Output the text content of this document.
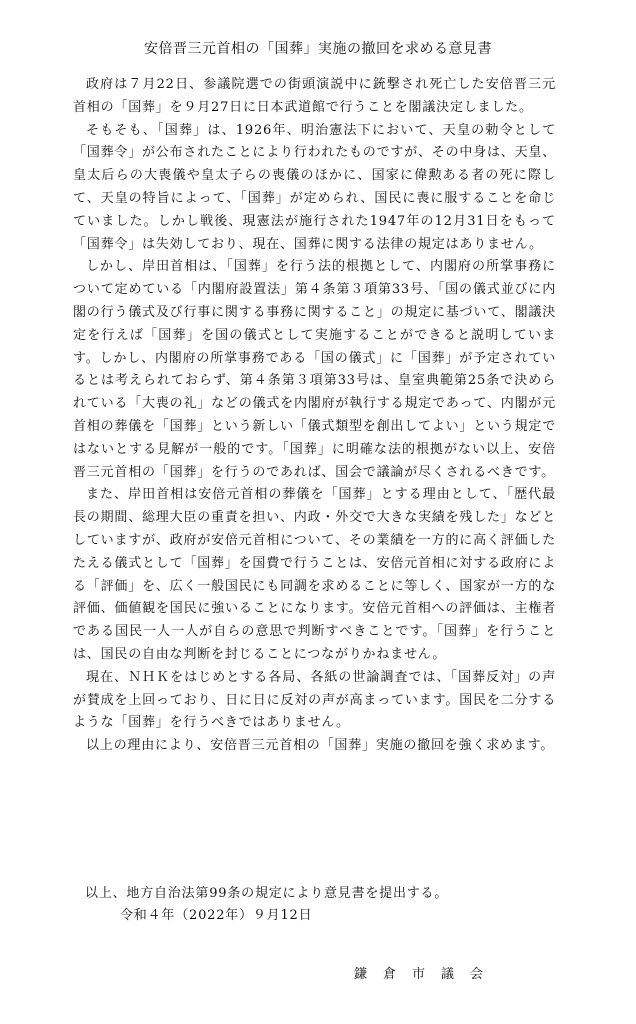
安倍晋三元首相の「国葬」実施の撤回を求める意見書

政府は７月22日、参議院選での街頭演説中に銃撃され死亡した安倍晋三元首相の「国葬」を９月27日に日本武道館で行うことを閣議決定しました。

そもそも、「国葬」は、1926年、明治憲法下において、天皇の勅令として「国葬令」が公布されたことにより行われたものですが、その中身は、天皇、皇太后らの大喪儀や皇太子らの喪儀のほかに、国家に偉勲ある者の死に際して、天皇の特旨によって、「国葬」が定められ、国民に喪に服することを命じていました。しかし戦後、現憲法が施行された1947年の12月31日をもって「国葬令」は失効しており、現在、国葬に関する法律の規定はありません。

しかし、岸田首相は、「国葬」を行う法的根拠として、内閣府の所掌事務について定めている「内閣府設置法」第４条第３項第33号、「国の儀式並びに内閣の行う儀式及び行事に関する事務に関すること」の規定に基づいて、閣議決定を行えば「国葬」を国の儀式として実施することができると説明しています。しかし、内閣府の所掌事務である「国の儀式」に「国葬」が予定されているとは考えられておらず、第４条第３項第33号は、皇室典範第25条で決められている「大喪の礼」などの儀式を内閣府が執行する規定であって、内閣が元首相の葬儀を「国葬」という新しい「儀式類型を創出してよい」という規定ではないとする見解が一般的です。「国葬」に明確な法的根拠がない以上、安倍晋三元首相の「国葬」を行うのであれば、国会で議論が尽くされるべきです。

また、岸田首相は安倍元首相の葬儀を「国葬」とする理由として、「歴代最長の期間、総理大臣の重責を担い、内政・外交で大きな実績を残した」などとしていますが、政府が安倍元首相について、その業績を一方的に高く評価したたえる儀式として「国葬」を国費で行うことは、安倍元首相に対する政府による「評価」を、広く一般国民にも同調を求めることに等しく、国家が一方的な評価、価値観を国民に強いることになります。安倍元首相への評価は、主権者である国民一人一人が自らの意思で判断すべきことです。「国葬」を行うことは、国民の自由な判断を封じることにつながりかねません。

現在、ＮＨＫをはじめとする各局、各紙の世論調査では、「国葬反対」の声が賛成を上回っており、日に日に反対の声が高まっています。国民を二分するような「国葬」を行うべきではありません。

以上の理由により、安倍晋三元首相の「国葬」実施の撤回を強く求めます。

以上、地方自治法第99条の規定により意見書を提出する。
令和４年（2022年）９月12日
鎌倉市議会
